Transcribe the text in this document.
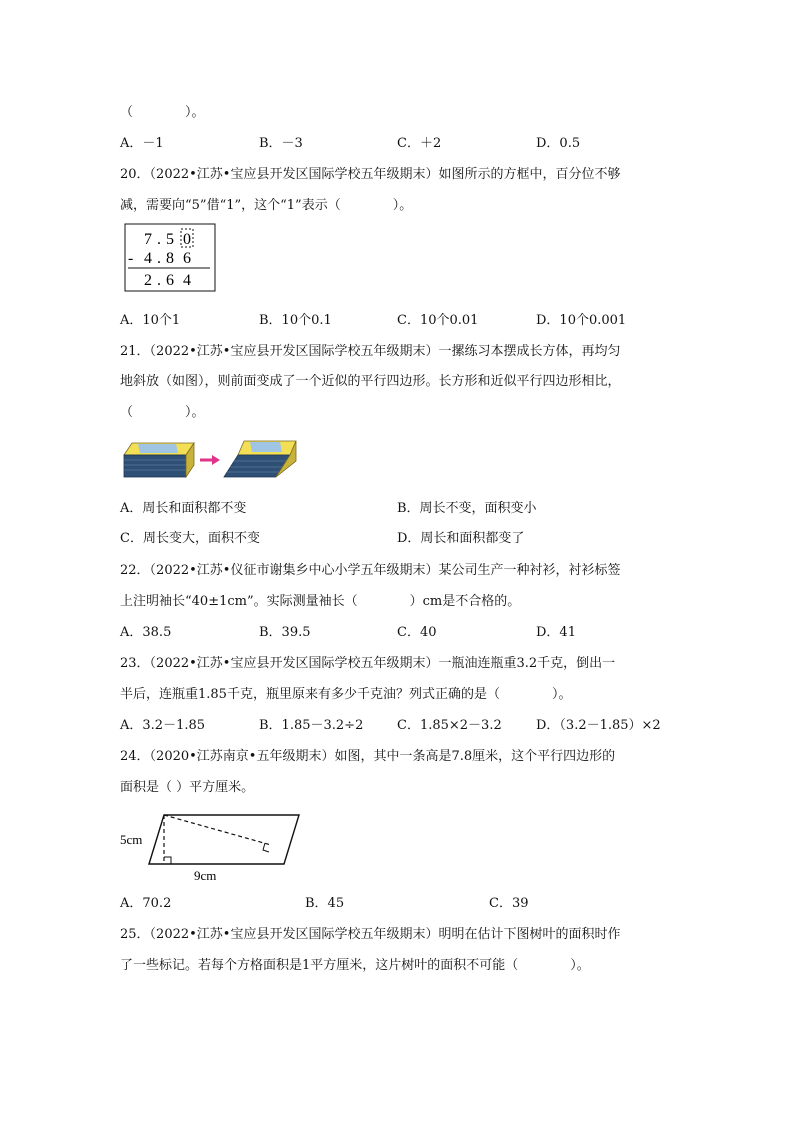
（　　　　）。
A．－1	B．－3	C．＋2	D．0.5
20．（2022•江苏•宝应县开发区国际学校五年级期末）如图所示的方框中，百分位不够
减，需要向“5”借“1”，这个“1”表示（　　　　）。
7 . 5 0
- 4 . 8 6
2 . 6 4
A．10个1	B．10个0.1	C．10个0.01	D．10个0.001
21．（2022•江苏•宝应县开发区国际学校五年级期末）一摞练习本摆成长方体，再均匀
地斜放（如图），则前面变成了一个近似的平行四边形。长方形和近似平行四边形相比，
（　　　　）。
A．周长和面积都不变	B．周长不变，面积变小
C．周长变大，面积不变	D．周长和面积都变了
22．（2022•江苏•仪征市谢集乡中心小学五年级期末）某公司生产一种衬衫，衬衫标签
上注明袖长“40±1cm”。实际测量袖长（　　　　）cm是不合格的。
A．38.5	B．39.5	C．40	D．41
23．（2022•江苏•宝应县开发区国际学校五年级期末）一瓶油连瓶重3.2千克，倒出一
半后，连瓶重1.85千克，瓶里原来有多少千克油？列式正确的是（　　　　）。
A．3.2－1.85	B．1.85－3.2÷2	C．1.85×2－3.2	D．（3.2－1.85）×2
24．（2020•江苏南京•五年级期末）如图，其中一条高是7.8厘米，这个平行四边形的
面积是（ ）平方厘米。
5cm
9cm
A．70.2	B．45	C．39
25．（2022•江苏•宝应县开发区国际学校五年级期末）明明在估计下图树叶的面积时作
了一些标记。若每个方格面积是1平方厘米，这片树叶的面积不可能（　　　　）。
